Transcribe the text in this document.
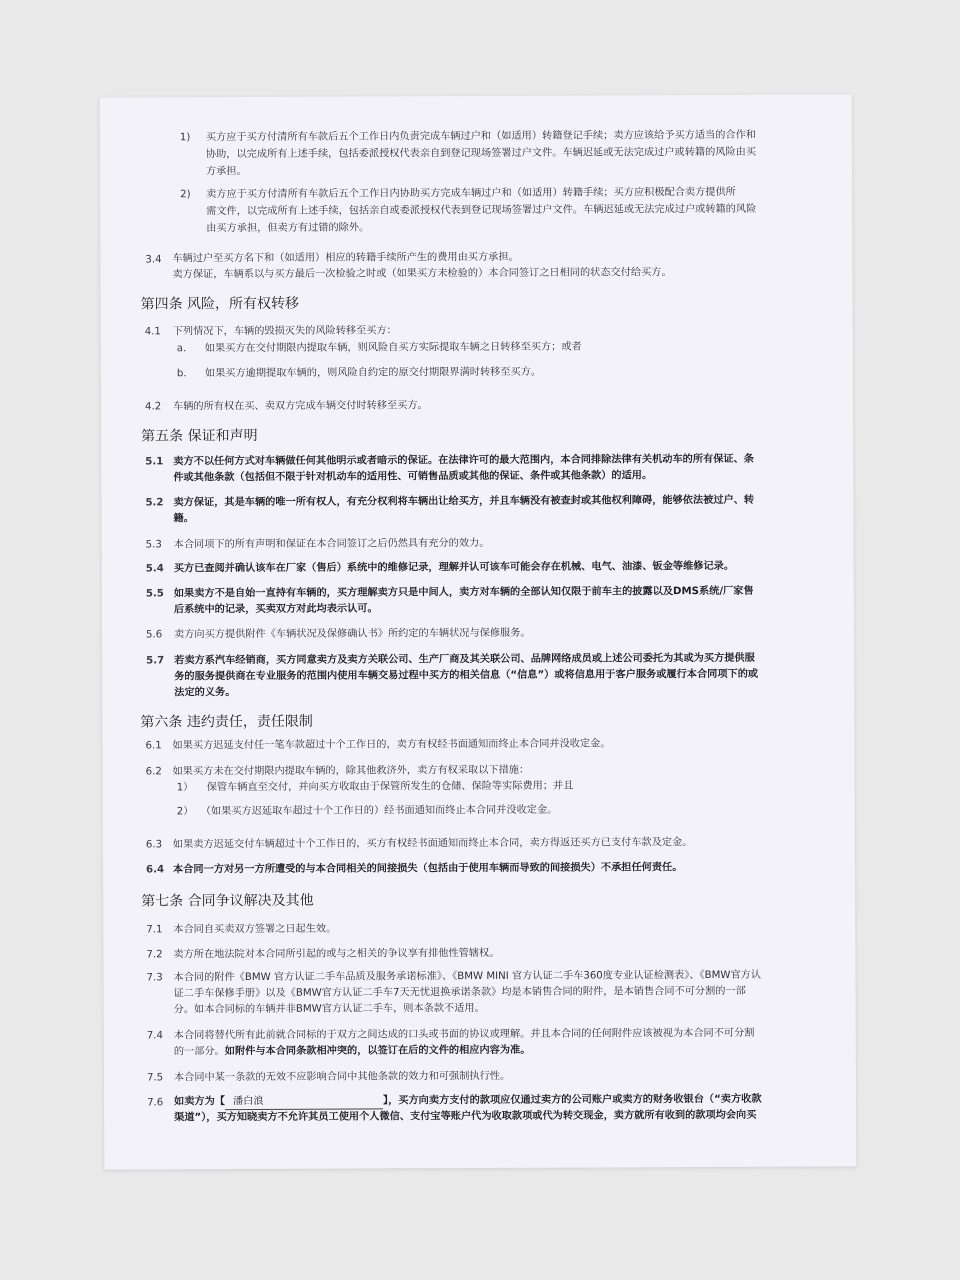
1) 买方应于买方付清所有车款后五个工作日内负责完成车辆过户和（如适用）转籍登记手续；卖方应该给予买方适当的合作和
协助，以完成所有上述手续，包括委派授权代表亲自到登记现场签署过户文件。车辆迟延或无法完成过户或转籍的风险由买
方承担。
2) 卖方应于买方付清所有车款后五个工作日内协助买方完成车辆过户和（如适用）转籍手续；买方应积极配合卖方提供所
需文件，以完成所有上述手续，包括亲自或委派授权代表到登记现场签署过户文件。车辆迟延或无法完成过户或转籍的风险
由买方承担，但卖方有过错的除外。
3.4 车辆过户至买方名下和（如适用）相应的转籍手续所产生的费用由买方承担。
卖方保证，车辆系以与买方最后一次检验之时或（如果买方未检验的）本合同签订之日相同的状态交付给买方。
第四条 风险，所有权转移
4.1 下列情况下，车辆的毁损灭失的风险转移至买方：
a. 如果买方在交付期限内提取车辆，则风险自买方实际提取车辆之日转移至买方；或者
b. 如果买方逾期提取车辆的，则风险自约定的原交付期限界满时转移至买方。
4.2 车辆的所有权在买、卖双方完成车辆交付时转移至买方。
第五条 保证和声明
5.1 卖方不以任何方式对车辆做任何其他明示或者暗示的保证。在法律许可的最大范围内，本合同排除法律有关机动车的所有保证、条
件或其他条款（包括但不限于针对机动车的适用性、可销售品质或其他的保证、条件或其他条款）的适用。
5.2 卖方保证，其是车辆的唯一所有权人，有充分权利将车辆出让给买方，并且车辆没有被查封或其他权利障碍，能够依法被过户、转
籍。
5.3 本合同项下的所有声明和保证在本合同签订之后仍然具有充分的效力。
5.4 买方已查阅并确认该车在厂家（售后）系统中的维修记录，理解并认可该车可能会存在机械、电气、油漆、钣金等维修记录。
5.5 如果卖方不是自始一直持有车辆的，买方理解卖方只是中间人，卖方对车辆的全部认知仅限于前车主的披露以及DMS系统/厂家售
后系统中的记录，买卖双方对此均表示认可。
5.6 卖方向买方提供附件《车辆状况及保修确认书》所约定的车辆状况与保修服务。
5.7 若卖方系汽车经销商，买方同意卖方及卖方关联公司、生产厂商及其关联公司、品牌网络成员或上述公司委托为其或为买方提供服
务的服务提供商在专业服务的范围内使用车辆交易过程中买方的相关信息（“信息”）或将信息用于客户服务或履行本合同项下的或
法定的义务。
第六条 违约责任，责任限制
6.1 如果买方迟延支付任一笔车款超过十个工作日的，卖方有权经书面通知而终止本合同并没收定金。
6.2 如果买方未在交付期限内提取车辆的，除其他救济外，卖方有权采取以下措施：
1） 保管车辆直至交付，并向买方收取由于保管所发生的仓储、保险等实际费用；并且
2） （如果买方迟延取车超过十个工作日的）经书面通知而终止本合同并没收定金。
6.3 如果卖方迟延交付车辆超过十个工作日的，买方有权经书面通知而终止本合同，卖方得返还买方已支付车款及定金。
6.4 本合同一方对另一方所遭受的与本合同相关的间接损失（包括由于使用车辆而导致的间接损失）不承担任何责任。
第七条 合同争议解决及其他
7.1 本合同自买卖双方签署之日起生效。
7.2 卖方所在地法院对本合同所引起的或与之相关的争议享有排他性管辖权。
7.3 本合同的附件《BMW 官方认证二手车品质及服务承诺标准》、《BMW MINI 官方认证二手车360度专业认证检测表》、《BMW官方认
证二手车保修手册》以及《BMW官方认证二手车7天无忧退换承诺条款》均是本销售合同的附件，是本销售合同不可分割的一部
分。如本合同标的车辆并非BMW官方认证二手车，则本条款不适用。
7.4 本合同将替代所有此前就合同标的于双方之间达成的口头或书面的协议或理解。并且本合同的任何附件应该被视为本合同不可分割
的一部分。如附件与本合同条款相冲突的，以签订在后的文件的相应内容为准。
7.5 本合同中某一条款的无效不应影响合同中其他条款的效力和可强制执行性。
7.6 如卖方为【 潘白浪	】，买方向卖方支付的款项应仅通过卖方的公司账户或卖方的财务收银台（“卖方收款
渠道”），买方知晓卖方不允许其员工使用个人微信、支付宝等账户代为收取款项或代为转交现金，卖方就所有收到的款项均会向买
